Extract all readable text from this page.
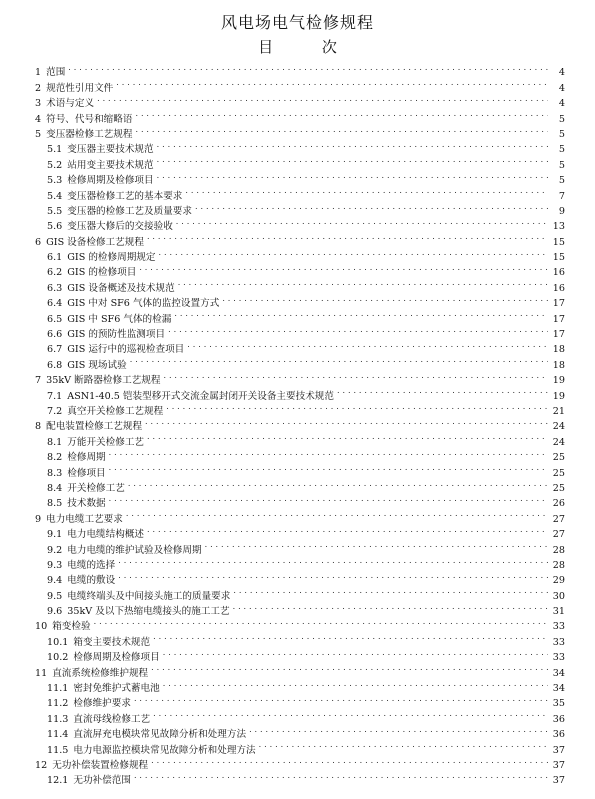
风电场电气检修规程
目 次
1 范围 . . .	4
2 规范性引用文件 . . .	4
3 术语与定义 . . .	4
4 符号、代号和缩略语 . . .	5
5 变压器检修工艺规程 . . .	5
5.1 变压器主要技术规范 . . .	5
5.2 站用变主要技术规范 . . .	5
5.3 检修周期及检修项目 . . .	5
5.4 变压器检修工艺的基本要求 . . .	7
5.5 变压器的检修工艺及质量要求 . . .	9
5.6 变压器大修后的交接验收 . . .	13
6 GIS 设备检修工艺规程 . . .	15
6.1 GIS 的检修周期规定 . . .	15
6.2 GIS 的检修项目 . . .	16
6.3 GIS 设备概述及技术规范 . . .	16
6.4 GIS 中对 SF6 气体的监控设置方式 . . .	17
6.5 GIS 中 SF6 气体的检漏 . . .	17
6.6 GIS 的预防性监测项目 . . .	17
6.7 GIS 运行中的巡视检查项目 . . .	18
6.8 GIS 现场试验 . . .	18
7 35kV 断路器检修工艺规程 . . .	19
7.1 ASN1-40.5 铠装型移开式交流金属封闭开关设备主要技术规范 . . .	19
7.2 真空开关检修工艺规程 . . .	21
8 配电装置检修工艺规程 . . .	24
8.1 万能开关检修工艺 . . .	24
8.2 检修周期 . . .	25
8.3 检修项目 . . .	25
8.4 开关检修工艺 . . .	25
8.5 技术数据 . . .	26
9 电力电缆工艺要求 . . .	27
9.1 电力电缆结构概述 . . .	27
9.2 电力电缆的维护试验及检修周期 . . .	28
9.3 电缆的选择 . . .	28
9.4 电缆的敷设 . . .	29
9.5 电缆终端头及中间接头施工的质量要求 . . .	30
9.6 35kV 及以下热缩电缆接头的施工工艺 . . .	31
10 箱变检验 . . .	33
10.1 箱变主要技术规范 . . .	33
10.2 检修周期及检修项目 . . .	33
11 直流系统检修维护规程 . . .	34
11.1 密封免维护式蓄电池 . . .	34
11.2 检修维护要求 . . .	35
11.3 直流母线检修工艺 . . .	36
11.4 直流屏充电模块常见故障分析和处理方法 . . .	36
11.5 电力电源监控模块常见故障分析和处理方法 . . .	37
12 无功补偿装置检修规程 . . .	37
12.1 无功补偿范围 . . .	37
